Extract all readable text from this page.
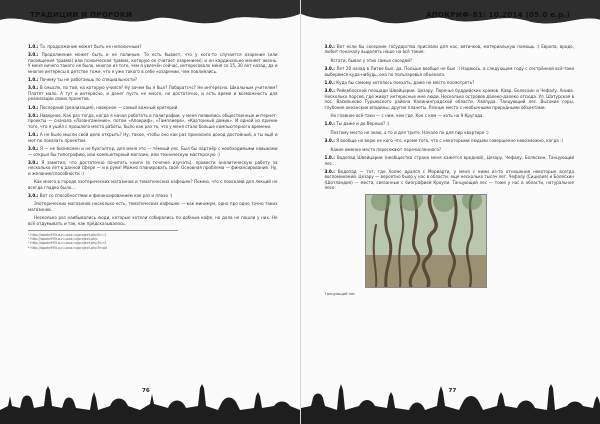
ТРАДИЦИИ И ПРОРОКИ
1.0.: Та. продолжение может быть не неполичным?
3.0.: Продолжение может быть и не полиным. То есть бывает, что у кого-то случается озарение (или посвящения травма) или психическая травма, которую он считает озарением), и он кардинально меняет жизнь. У меня ничего такого не было, многое из того, чем я увлечён сейчас, интересовало меня со 15, 30 лет назад, да и многие интересы в детстве тоже, что я уже такого в себе «озарении, чем повлиялись.
1.0.: Почему ты не работаешь по специальности?
3.0.: В смысле, по той, на которую учился? Ну зачем бы я был? Лабаратсчс? Не интересно. Школьным учителем? Платят мало. А тут и интересно, и денег пусть не много, но достаточно, и есть время и возможность для реализации своих проектов.
1.0.: Последний (реализация), наверное — самый важный критерий.
3.0.: Наверное. Как раз тогда, когда я начал работать в полиграфии, у меня появились общественные интернет-проекты — сначала «Лазангажение», потом «Апокриф», «Тамплиерв», «Картонный домик». И одной из причин того, что я ушёл с прошлого места работы, было как раз то, что у меня стало больше компьютерного времени.
1.0.: А не было мысли свой дело открыть? Ну, такое, чтобы оно как раз приносило доход достойный, а ты ещё и мог по показать проектам.
3.0.: Я — не бизнесмен и не бухгалтер, для меня это — тёмный лес. Был бы партнёр с необходимыми навыками — открыл бы типографию, или компьютерный магазин, или техническую мастерскую :)
3.0.: Я заметил, что достаточно почитать книги (в точечке изучать), провести аналитическую работу за несколько лет в данной сфере — и в руки! Можно планировать своё. Основная проблема — финансирование. Ну, и желание/способности :)
Как много в городе эзотерических магазинов и тематических кафешек? Помню, что с поисками для лекций не всегда гладко было...
3.0.: Вот со способностями и финансированием как раз и плохо :)
Эзотерических магазинов несколько есть, тематических кафешек — как минимум, одно про одно точно таких магазинов.
Несколько раз наибывались люди, которые хотели собирались по добным кафе, но дела не пошли у них. Не всё отдумывать и так, как предсказывалось.
¹ http://apokrif93.a-n.ucoz.ru/project.php?c=1
² http://apokrif93.a-n.ucoz.ru/project.php
³ http://apokrif93.a-n.ucoz.ru/project.php?n=2
⁴ http://apokrif93.a-n.ucoz.ru/project.php?mod
76
АПОКРИФ-81: 10.2014 (05.0 е.р.)
3.0.: Вот если бы соседние государства прислали для нас, вятичков, материальную помощь :) Европа, вроде, любит поначалу выделять наше на всё такие.
Кстати, бывал у этих самых соседей?
3.0.: Лет 20 назад в Литве был, да. Польше вообще не был :) Надеюсь, в следующем году с сестрёнкой всё-таки выберемся куда-нибудь, она по пользаревья объехала.
1.0.: Куда бы самому хотелось поехать, даже не место посмотреть?
3.0.: Рейкеблоской площади Швейцарии. Цезару. Поречье буддийских храмов. Кавр, Болесхин и Чефалу. Анива. Несколько порсев, где живут интересные мне люди. Несколько островов далеко-далеко отсюда. Ул. Шатурская в пос. Васильково Гурьевского района Калининградской области. Хэйлуда. Танцующий лес. Высокие горы, глубокие океанские впадины, другие планеты. Разные места с необычными природными объектами.
Но главное всё-таки — с ним, кем где. Кое с кем — хоть на 9 Кругада.
1.0.: Ты даже и до Верных? :)
Поэтому место не знаю, а то и для трите. Начало по для пир квартире :)
3.0.: Я вообще не верю не кого что, кроме того, что с некоторыми людьми совершенно невозможно, когда :)
Какие именно места пересекают перечисленного?
1.0.: Водопад Швейцарии (необщества страна меня кажется вредной), Цезару, Чефалу, Болесхин, Танцующий лес...
3.0.: Водопад — тот, где Холмс дрался с Мориарти, у меня с ними из-то отношения некоторые всегда воспоминаний. Цезару — вероятно было у нас в области, еще несколько тысяч лет. Чефалу (Сицилия) и Болесхин (Шотландия) — места, связанные с биографией Кроули. Танцующий лес — тоже у нас в области, натуральное лесо:
Танцующий лес
77
